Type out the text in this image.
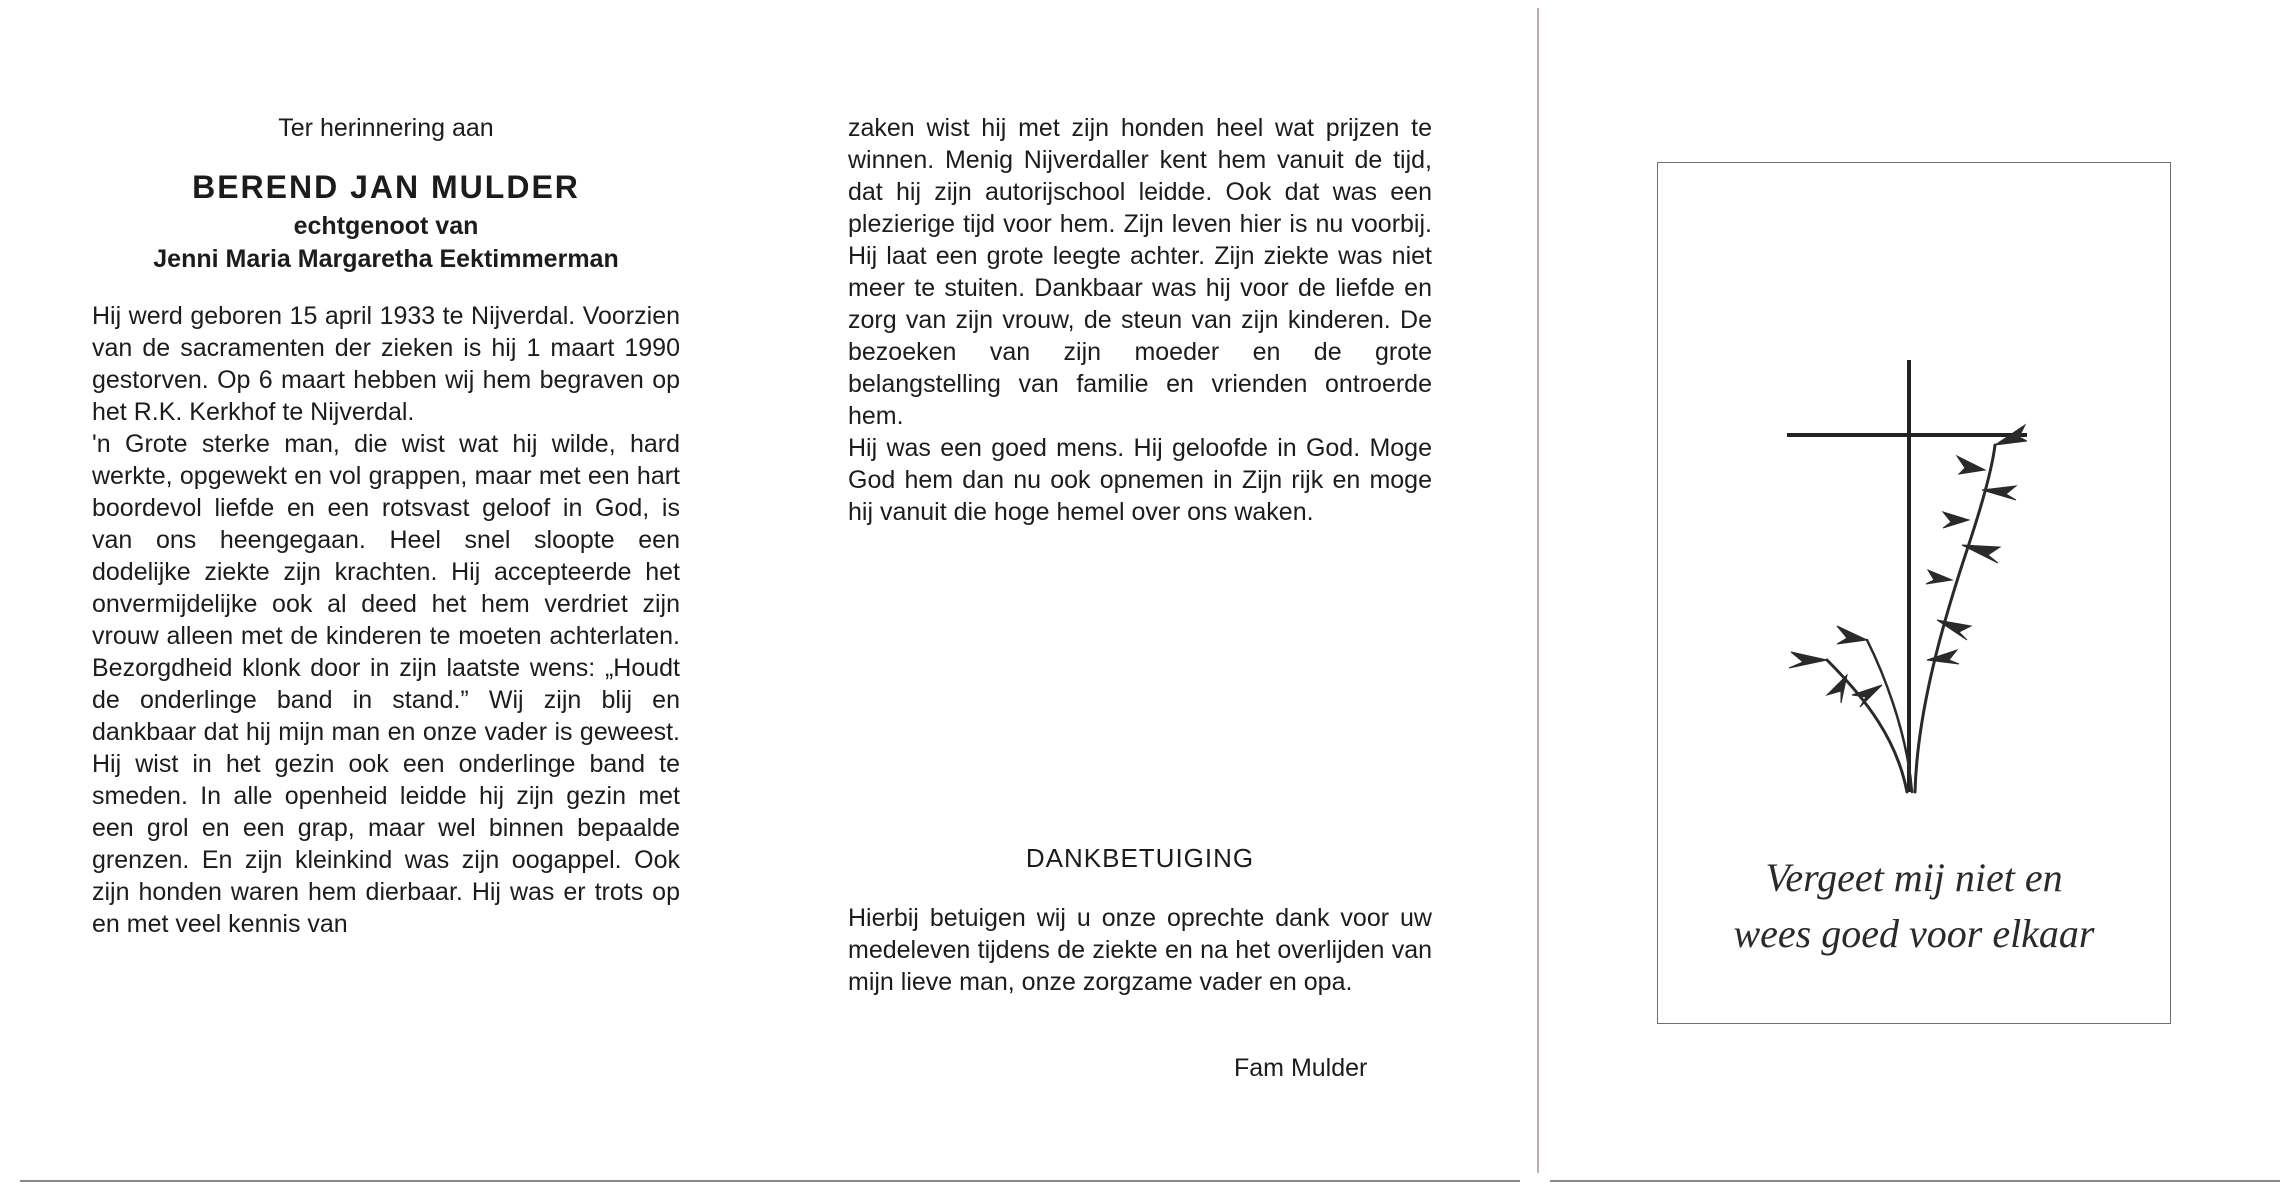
Ter herinnering aan
BEREND JAN MULDER
echtgenoot van
Jenni Maria Margaretha Eektimmerman

Hij werd geboren 15 april 1933 te Nijverdal. Voorzien van de sacramenten der zieken is hij 1 maart 1990 gestorven. Op 6 maart hebben wij hem begraven op het R.K. Kerkhof te Nijverdal.

'n Grote sterke man, die wist wat hij wilde, hard werkte, opgewekt en vol grappen, maar met een hart boordevol liefde en een rotsvast geloof in God, is van ons heengegaan. Heel snel sloopte een dodelijke ziekte zijn krachten. Hij accepteerde het onvermijdelijke ook al deed het hem verdriet zijn vrouw alleen met de kinderen te moeten achterlaten. Bezorgdheid klonk door in zijn laatste wens: „Houdt de onderlinge band in stand.” Wij zijn blij en dankbaar dat hij mijn man en onze vader is geweest. Hij wist in het gezin ook een onderlinge band te smeden. In alle openheid leidde hij zijn gezin met een grol en een grap, maar wel binnen bepaalde grenzen. En zijn kleinkind was zijn oogappel. Ook zijn honden waren hem dierbaar. Hij was er trots op en met veel kennis van

zaken wist hij met zijn honden heel wat prijzen te winnen. Menig Nijverdaller kent hem vanuit de tijd, dat hij zijn autorijschool leidde. Ook dat was een plezierige tijd voor hem. Zijn leven hier is nu voorbij. Hij laat een grote leegte achter. Zijn ziekte was niet meer te stuiten. Dankbaar was hij voor de liefde en zorg van zijn vrouw, de steun van zijn kinderen. De bezoeken van zijn moeder en de grote belangstelling van familie en vrienden ontroerde hem.

Hij was een goed mens. Hij geloofde in God. Moge God hem dan nu ook opnemen in Zijn rijk en moge hij vanuit die hoge hemel over ons waken.

DANKBETUIGING
Hierbij betuigen wij u onze oprechte dank voor uw medeleven tijdens de ziekte en na het overlijden van mijn lieve man, onze zorgzame vader en opa.
Fam Mulder
Vergeet mij niet en
wees goed voor elkaar
